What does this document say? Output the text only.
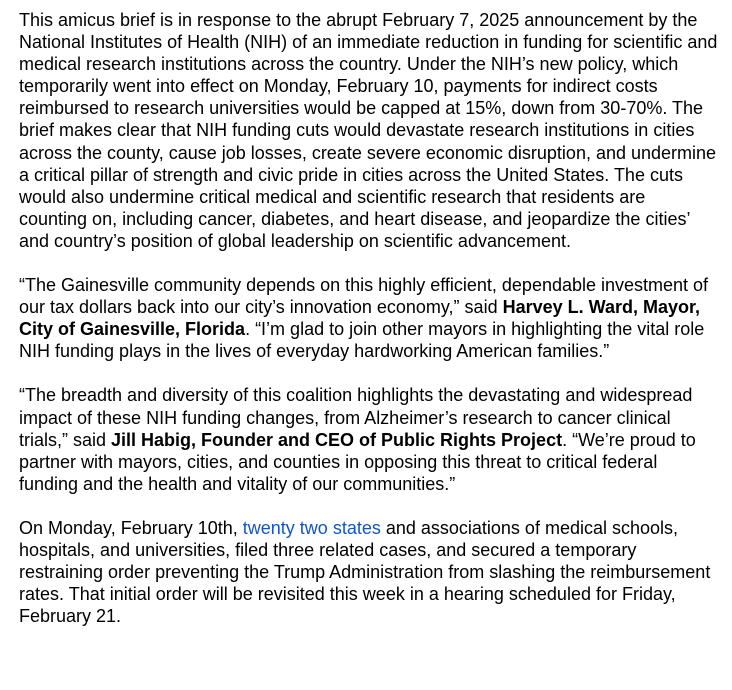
This amicus brief is in response to the abrupt February 7, 2025 announcement by the National Institutes of Health (NIH) of an immediate reduction in funding for scientific and medical research institutions across the country. Under the NIH’s new policy, which temporarily went into effect on Monday, February 10, payments for indirect costs reimbursed to research universities would be capped at 15%, down from 30-70%. The brief makes clear that NIH funding cuts would devastate research institutions in cities across the county, cause job losses, create severe economic disruption, and undermine a critical pillar of strength and civic pride in cities across the United States. The cuts would also undermine critical medical and scientific research that residents are counting on, including cancer, diabetes, and heart disease, and jeopardize the cities’ and country’s position of global leadership on scientific advancement.

“The Gainesville community depends on this highly efficient, dependable investment of our tax dollars back into our city’s innovation economy,” said Harvey L. Ward, Mayor, City of Gainesville, Florida. “I’m glad to join other mayors in highlighting the vital role NIH funding plays in the lives of everyday hardworking American families.”

“The breadth and diversity of this coalition highlights the devastating and widespread impact of these NIH funding changes, from Alzheimer’s research to cancer clinical trials,” said Jill Habig, Founder and CEO of Public Rights Project. “We’re proud to partner with mayors, cities, and counties in opposing this threat to critical federal funding and the health and vitality of our communities.”

On Monday, February 10th, twenty two states and associations of medical schools, hospitals, and universities, filed three related cases, and secured a temporary restraining order preventing the Trump Administration from slashing the reimbursement rates. That initial order will be revisited this week in a hearing scheduled for Friday, February 21.
